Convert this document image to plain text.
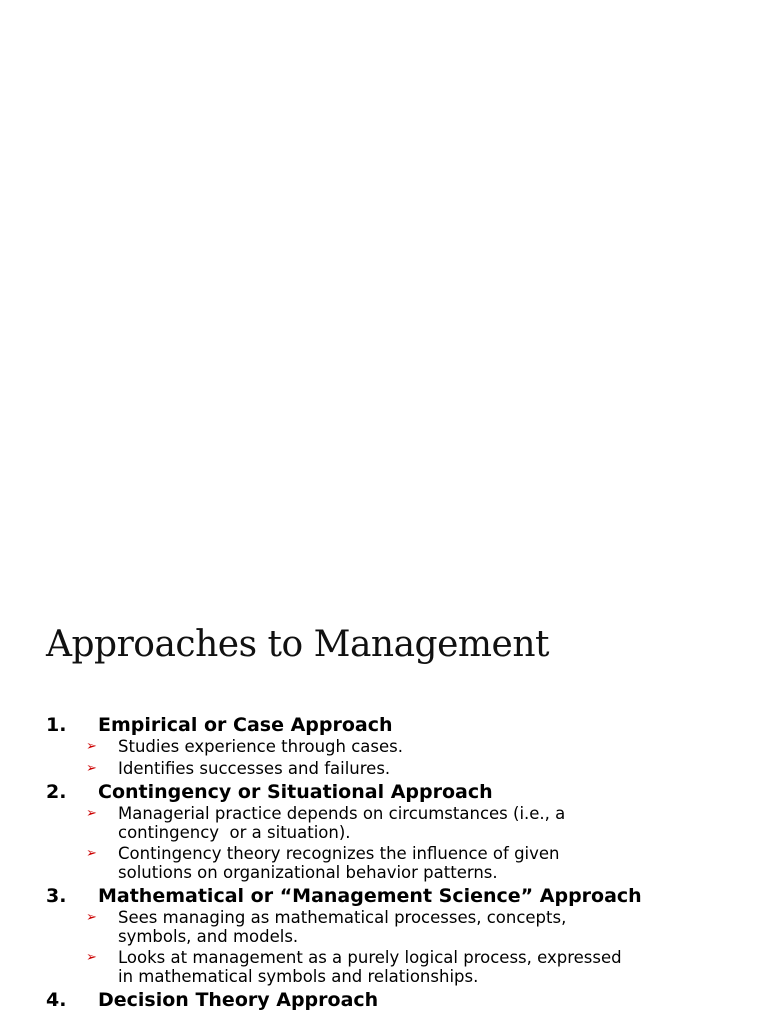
Approaches to Management
1.	Empirical or Case Approach
➢	Studies experience through cases.
➢	Identifies successes and failures.
2.	Contingency or Situational Approach
➢	Managerial practice depends on circumstances (i.e., a
contingency  or a situation).
➢	Contingency theory recognizes the influence of given
solutions on organizational behavior patterns.
3.	Mathematical or “Management Science” Approach
➢	Sees managing as mathematical processes, concepts,
symbols, and models.
➢	Looks at management as a purely logical process, expressed
in mathematical symbols and relationships.
4.	Decision Theory Approach
